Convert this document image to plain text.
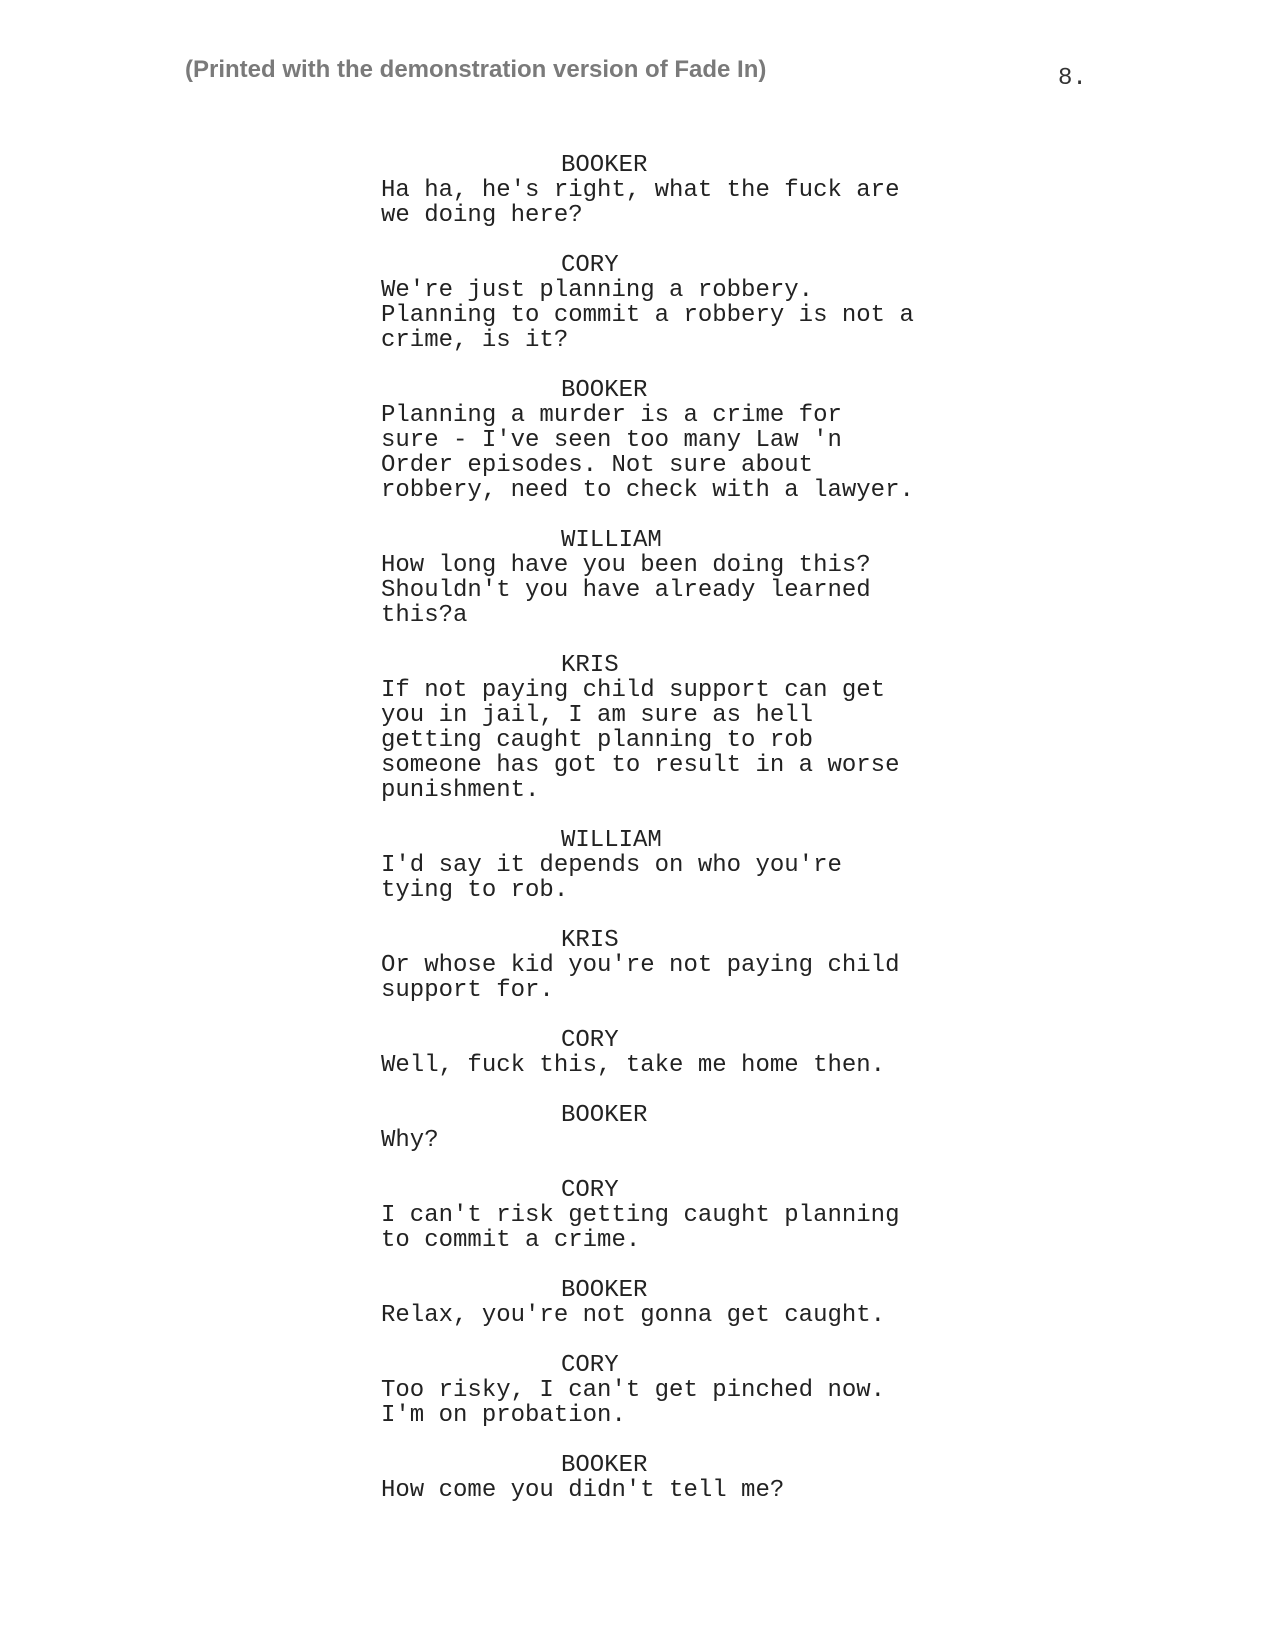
(Printed with the demonstration version of Fade In)	8.

BOOKER
Ha ha, he's right, what the fuck are
we doing here?
CORY
We're just planning a robbery.
Planning to commit a robbery is not a
crime, is it?
BOOKER
Planning a murder is a crime for
sure - I've seen too many Law 'n
Order episodes. Not sure about
robbery, need to check with a lawyer.
WILLIAM
How long have you been doing this?
Shouldn't you have already learned
this?a
KRIS
If not paying child support can get
you in jail, I am sure as hell
getting caught planning to rob
someone has got to result in a worse
punishment.
WILLIAM
I'd say it depends on who you're
tying to rob.
KRIS
Or whose kid you're not paying child
support for.
CORY
Well, fuck this, take me home then.
BOOKER
Why?
CORY
I can't risk getting caught planning
to commit a crime.
BOOKER
Relax, you're not gonna get caught.
CORY
Too risky, I can't get pinched now.
I'm on probation.
BOOKER
How come you didn't tell me?
